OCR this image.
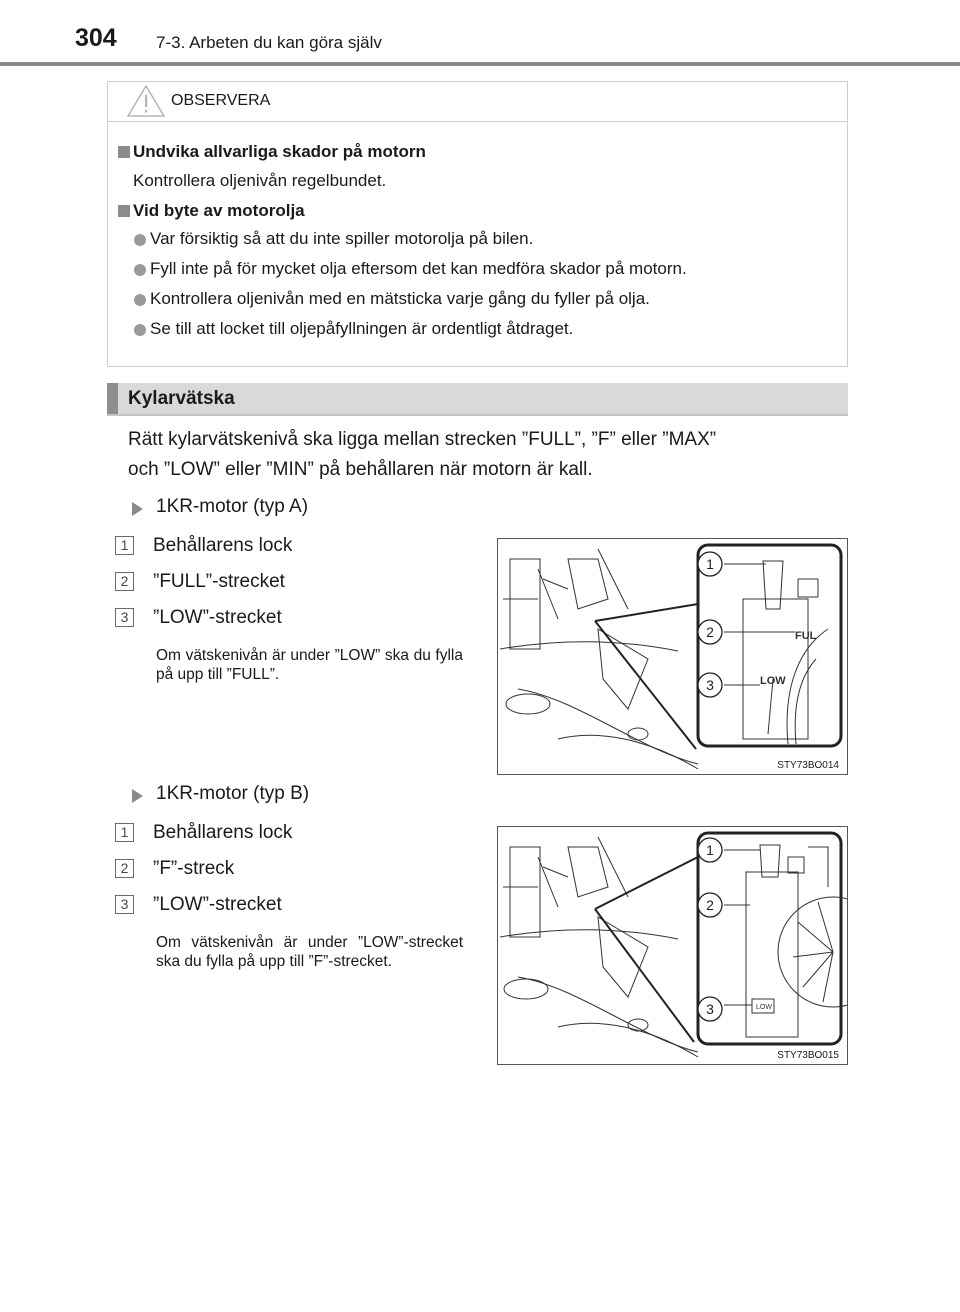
304 7-3. Arbeten du kan göra själv
OBSERVERA
Undvika allvarliga skador på motorn
Kontrollera oljenivån regelbundet.
Vid byte av motorolja
Var försiktig så att du inte spiller motorolja på bilen.
Fyll inte på för mycket olja eftersom det kan medföra skador på motorn.
Kontrollera oljenivån med en mätsticka varje gång du fyller på olja.
Se till att locket till oljepåfyllningen är ordentligt åtdraget.
Kylarvätska
Rätt kylarvätskenivå ska ligga mellan strecken ”FULL”, ”F” eller ”MAX”
och ”LOW” eller ”MIN” på behållaren när motorn är kall.
1KR-motor (typ A)
1 Behållarens lock
2 ”FULL”-strecket
3 ”LOW”-strecket
Om vätskenivån är under ”LOW” ska du fylla på upp till ”FULL”.
FUL
LOW
1
2
3
STY73BO014
1KR-motor (typ B)
1 Behållarens lock
2 ”F”-streck
3 ”LOW”-strecket
Om vätskenivån är under ”LOW”-strecket ska du fylla på upp till ”F”-strecket.
LOW
1
2
3
STY73BO015
